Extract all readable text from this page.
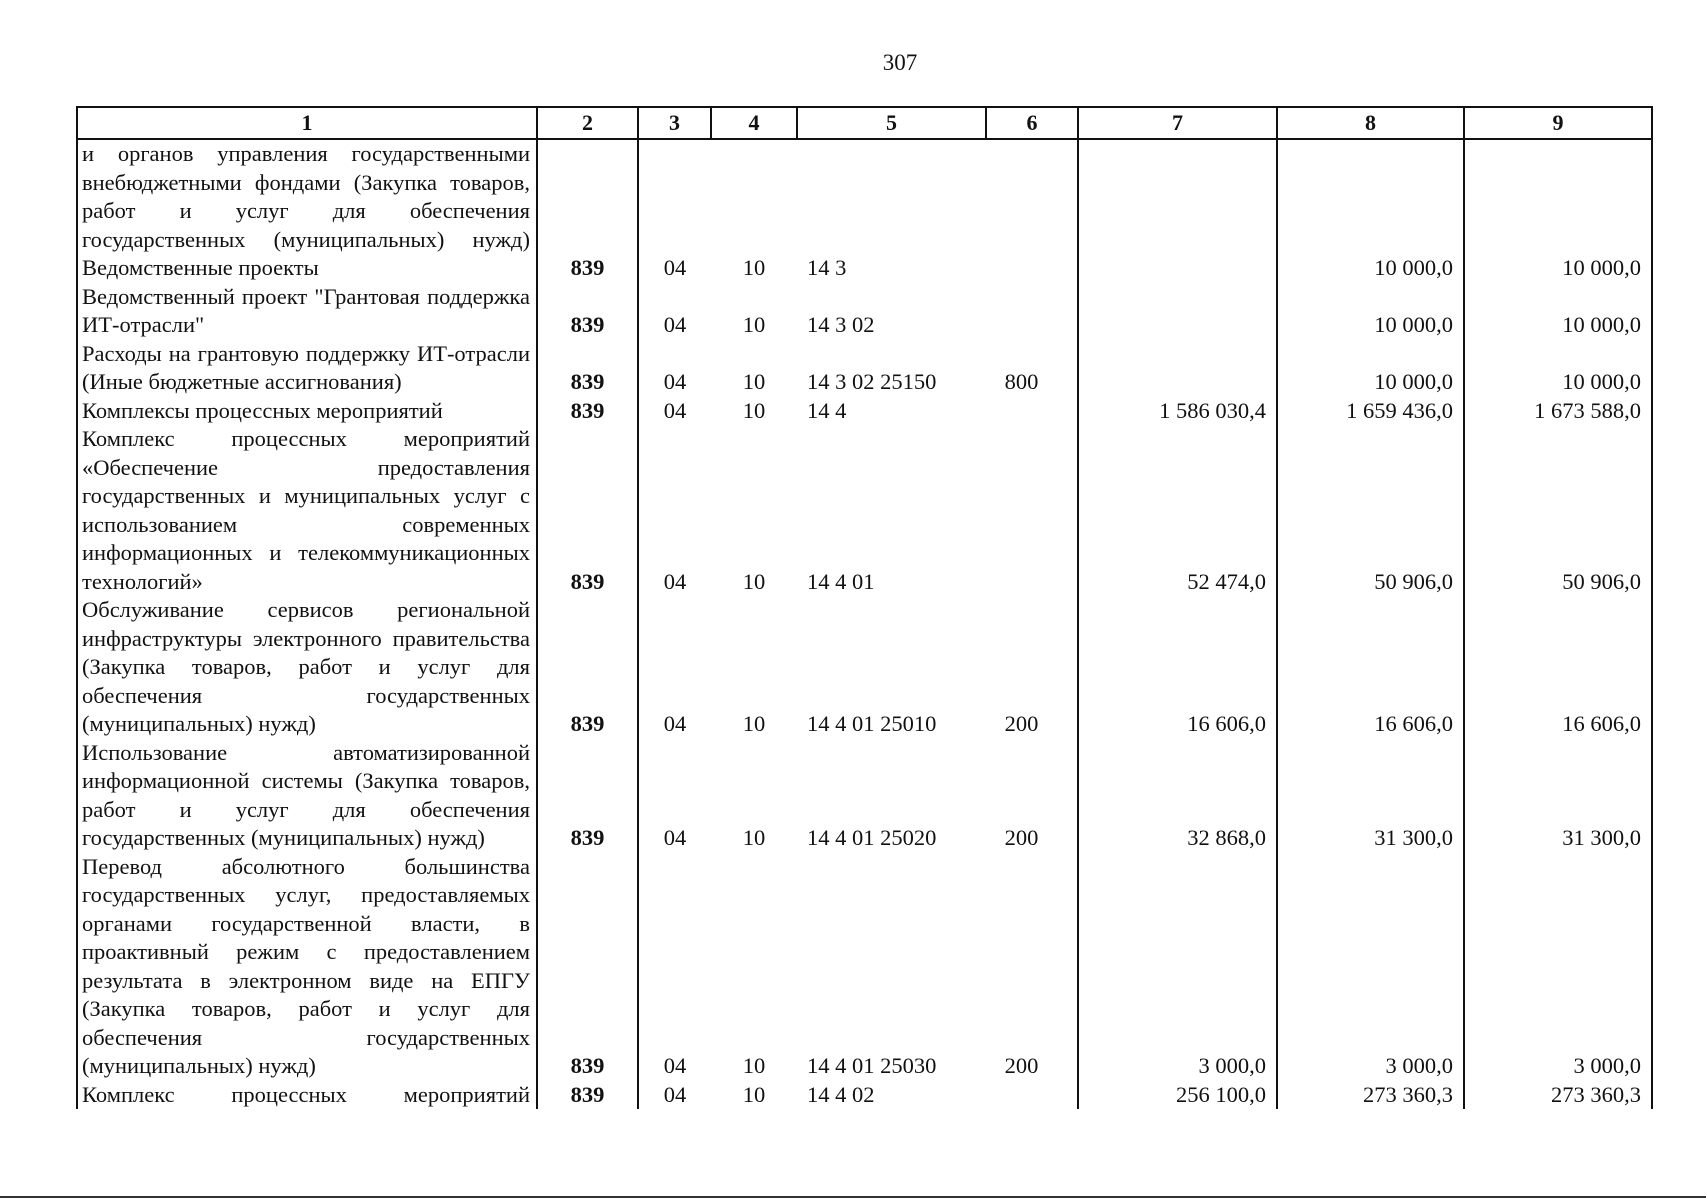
307
1	2	3	4	5	6	7	8	9
и органов управления государственными внебюджетными фондами (Закупка товаров, работ и услуг для обеспечения государственных (муниципальных) нужд)								
Ведомственные проекты	839	04	10	14 3			10 000,0	10 000,0
Ведомственный проект "Грантовая поддержка ИТ-отрасли"	839	04	10	14 3 02			10 000,0	10 000,0
Расходы на грантовую поддержку ИТ-отрасли (Иные бюджетные ассигнования)	839	04	10	14 3 02 25150	800		10 000,0	10 000,0
Комплексы процессных мероприятий	839	04	10	14 4		1 586 030,4	1 659 436,0	1 673 588,0
Комплекс процессных мероприятий «Обеспечение предоставления государственных и муниципальных услуг с использованием современных информационных и телекоммуникационных технологий»	839	04	10	14 4 01		52 474,0	50 906,0	50 906,0
Обслуживание сервисов региональной инфраструктуры электронного правительства (Закупка товаров, работ и услуг для обеспечения государственных (муниципальных) нужд)	839	04	10	14 4 01 25010	200	16 606,0	16 606,0	16 606,0
Использование автоматизированной информационной системы (Закупка товаров, работ и услуг для обеспечения государственных (муниципальных) нужд)	839	04	10	14 4 01 25020	200	32 868,0	31 300,0	31 300,0
Перевод абсолютного большинства государственных услуг, предоставляемых органами государственной власти, в проактивный режим с предоставлением результата в электронном виде на ЕПГУ (Закупка товаров, работ и услуг для обеспечения государственных (муниципальных) нужд)	839	04	10	14 4 01 25030	200	3 000,0	3 000,0	3 000,0
Комплекс процессных мероприятий	839	04	10	14 4 02		256 100,0	273 360,3	273 360,3
